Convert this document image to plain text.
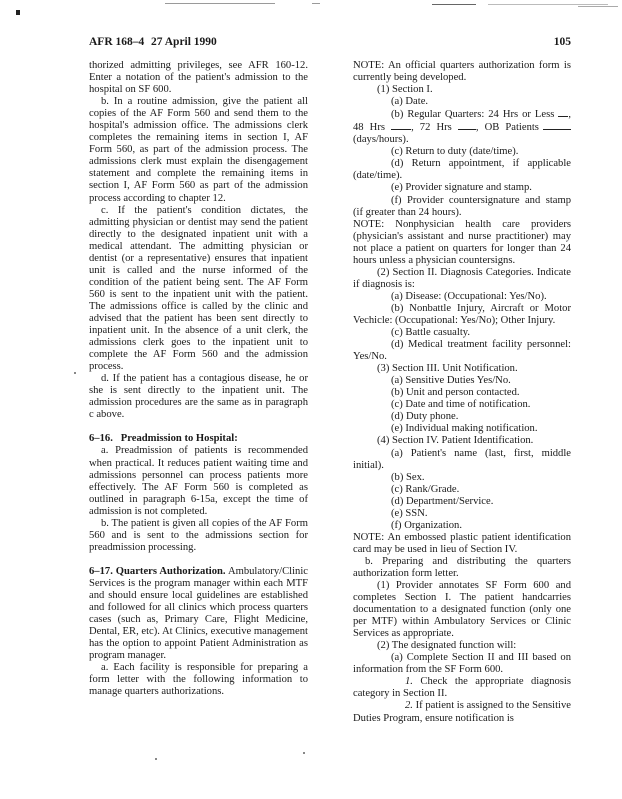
AFR 168–4 27 April 1990	105

thorized admitting privileges, see AFR 160-12. Enter a notation of the patient's admission to the hospital on SF 600.

b. In a routine admission, give the patient all copies of the AF Form 560 and send them to the hospital's admission office. The admissions clerk completes the remaining items in section I, AF Form 560, as part of the admission process. The admissions clerk must explain the disengagement statement and complete the remaining items in section I, AF Form 560 as part of the admission process according to chapter 12.

c. If the patient's condition dictates, the admitting physician or dentist may send the patient directly to the designated inpatient unit with a medical attendant. The admitting physician or dentist (or a representative) ensures that inpatient unit is called and the nurse informed of the condition of the patient being sent. The AF Form 560 is sent to the inpatient unit with the patient. The admissions office is called by the clinic and advised that the patient has been sent directly to inpatient unit. In the absence of a unit clerk, the admissions clerk goes to the inpatient unit to complete the AF Form 560 and the admission process.

d. If the patient has a contagious disease, he or she is sent directly to the inpatient unit. The admission procedures are the same as in paragraph c above.

6–16. Preadmission to Hospital:

a. Preadmission of patients is recommended when practical. It reduces patient waiting time and admissions personnel can process patients more effectively. The AF Form 560 is completed as outlined in paragraph 6-15a, except the time of admission is not completed.

b. The patient is given all copies of the AF Form 560 and is sent to the admissions section for preadmission processing.

6–17. Quarters Authorization. Ambulatory/Clinic Services is the program manager within each MTF and should ensure local guidelines are established and followed for all clinics which process quarters cases (such as, Primary Care, Flight Medicine, Dental, ER, etc). At Clinics, executive management has the option to appoint Patient Administration as program manager.

a. Each facility is responsible for preparing a form letter with the following information to manage quarters authorizations.

NOTE: An official quarters authorization form is currently being developed.

(1) Section I.

(a) Date.

(b) Regular Quarters: 24 Hrs or Less , 48 Hrs , 72 Hrs , OB Patients (days/hours).

(c) Return to duty (date/time).

(d) Return appointment, if applicable (date/time).

(e) Provider signature and stamp.

(f) Provider countersignature and stamp (if greater than 24 hours).

NOTE: Nonphysician health care providers (physician's assistant and nurse practitioner) may not place a patient on quarters for longer than 24 hours unless a physician countersigns.

(2) Section II. Diagnosis Categories. Indicate if diagnosis is:

(a) Disease: (Occupational: Yes/No).

(b) Nonbattle Injury, Aircraft or Motor Vechicle: (Occupational: Yes/No); Other Injury.

(c) Battle casualty.

(d) Medical treatment facility personnel: Yes/No.

(3) Section III. Unit Notification.

(a) Sensitive Duties Yes/No.

(b) Unit and person contacted.

(c) Date and time of notification.

(d) Duty phone.

(e) Individual making notification.

(4) Section IV. Patient Identification.

(a) Patient's name (last, first, middle initial).

(b) Sex.

(c) Rank/Grade.

(d) Department/Service.

(e) SSN.

(f) Organization.

NOTE: An embossed plastic patient identification card may be used in lieu of Section IV.

b. Preparing and distributing the quarters authorization form letter.

(1) Provider annotates SF Form 600 and completes Section I. The patient handcarries documentation to a designated function (only one per MTF) within Ambulatory Services or Clinic Services as appropriate.

(2) The designated function will:

(a) Complete Section II and III based on information from the SF Form 600.

1. Check the appropriate diagnosis category in Section II.

2. If patient is assigned to the Sensitive Duties Program, ensure notification is
